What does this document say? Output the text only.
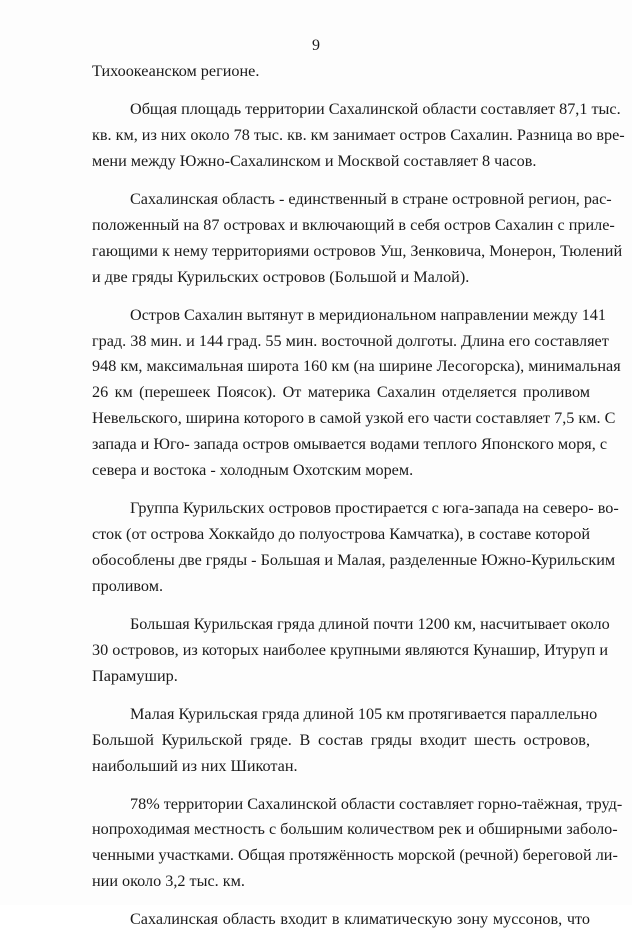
9
Тихоокеанском регионе.
Общая площадь территории Сахалинской области составляет 87,1 тыс.
кв. км, из них около 78 тыс. кв. км занимает остров Сахалин. Разница во вре-
мени между Южно-Сахалинском и Москвой составляет 8 часов.
Сахалинская область - единственный в стране островной регион, рас-
положенный на 87 островах и включающий в себя остров Сахалин с приле-
гающими к нему территориями островов Уш, Зенковича, Монерон, Тюлений
и две гряды Курильских островов (Большой и Малой).
Остров Сахалин вытянут в меридиональном направлении между 141
град. 38 мин. и 144 град. 55 мин. восточной долготы. Длина его составляет
948 км, максимальная широта 160 км (на ширине Лесогорска), минимальная
26 км (перешеек Поясок). От материка Сахалин отделяется проливом
Невельского, ширина которого в самой узкой его части составляет 7,5 км. С
запада и Юго- запада остров омывается водами теплого Японского моря, с
севера и востока - холодным Охотским морем.
Группа Курильских островов простирается с юга-запада на северо- во-
сток (от острова Хоккайдо до полуострова Камчатка), в составе которой
обособлены две гряды - Большая и Малая, разделенные Южно-Курильским
проливом.
Большая Курильская гряда длиной почти 1200 км, насчитывает около
30 островов, из которых наиболее крупными являются Кунашир, Итуруп и
Парамушир.
Малая Курильская гряда длиной 105 км протягивается параллельно
Большой Курильской гряде. В состав гряды входит шесть островов,
наибольший из них Шикотан.
78% территории Сахалинской области составляет горно-таёжная, труд-
нопроходимая местность с большим количеством рек и обширными заболо-
ченными участками. Общая протяжённость морской (речной) береговой ли-
нии около 3,2 тыс. км.
Сахалинская область входит в климатическую зону муссонов, что
